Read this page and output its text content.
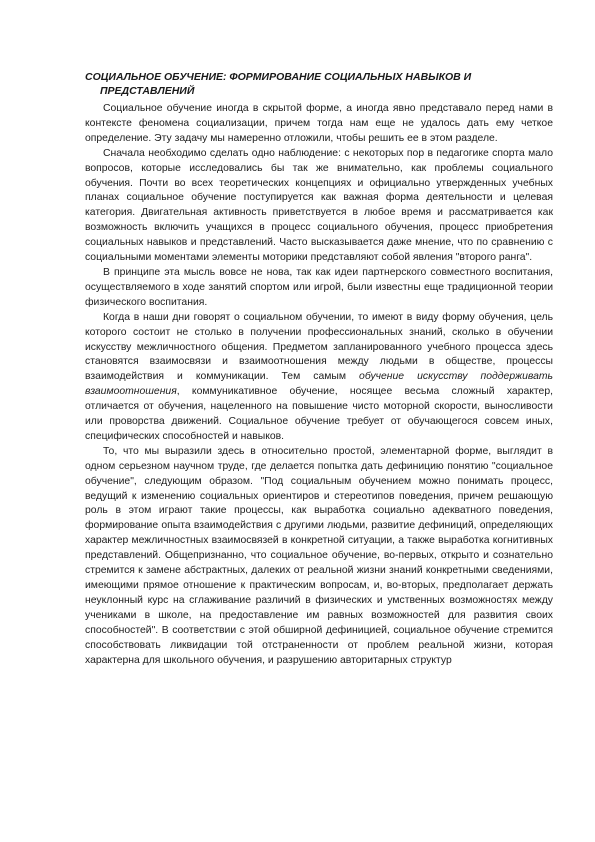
СОЦИАЛЬНОЕ ОБУЧЕНИЕ: ФОРМИРОВАНИЕ СОЦИАЛЬНЫХ НАВЫКОВ И
ПРЕДСТАВЛЕНИЙ

Социальное обучение иногда в скрытой форме, а иногда явно представало перед нами в контексте феномена социализации, причем тогда нам еще не удалось дать ему четкое определение. Эту задачу мы намеренно отложили, чтобы решить ее в этом разделе.

Сначала необходимо сделать одно наблюдение: с некоторых пор в педагогике спорта мало вопросов, которые исследовались бы так же внимательно, как проблемы социального обучения. Почти во всех теоретических концепциях и официально утвержденных учебных планах социальное обучение поступируется как важная форма деятельности и целевая категория. Двигательная активность приветствуется в любое время и рассматривается как возможность включить учащихся в процесс социального обучения, процесс приобретения социальных навыков и представлений. Часто высказывается даже мнение, что по сравнению с социальными моментами элементы моторики представляют собой явления "второго ранга".

В принципе эта мысль вовсе не нова, так как идеи партнерского совместного воспитания, осуществляемого в ходе занятий спортом или игрой, были известны еще традиционной теории физического воспитания.

Когда в наши дни говорят о социальном обучении, то имеют в виду форму обучения, цель которого состоит не столько в получении профессиональных знаний, сколько в обучении искусству межличностного общения. Предметом запланированного учебного процесса здесь становятся взаимосвязи и взаимоотношения между людьми в обществе, процессы взаимодействия и коммуникации. Тем самым обучение искусству поддерживать взаимоотношения, коммуникативное обучение, носящее весьма сложный характер, отличается от обучения, нацеленного на повышение чисто моторной скорости, выносливости или проворства движений. Социальное обучение требует от обучающегося совсем иных, специфических способностей и навыков.

То, что мы выразили здесь в относительно простой, элементарной форме, выглядит в одном серьезном научном труде, где делается попытка дать дефиницию понятию "социальное обучение", следующим образом. "Под социальным обучением можно понимать процесс, ведущий к изменению социальных ориентиров и стереотипов поведения, причем решающую роль в этом играют такие процессы, как выработка социально адекватного поведения, формирование опыта взаимодействия с другими людьми, развитие дефиниций, определяющих характер межличностных взаимосвязей в конкретной ситуации, а также выработка когнитивных представлений. Общепризнанно, что социальное обучение, во-первых, открыто и сознательно стремится к замене абстрактных, далеких от реальной жизни знаний конкретными сведениями, имеющими прямое отношение к практическим вопросам, и, во-вторых, предполагает держать неуклонный курс на сглаживание различий в физических и умственных возможностях между учениками в школе, на предоставление им равных возможностей для развития своих способностей". В соответствии с этой обширной дефиницией, социальное обучение стремится способствовать ликвидации той отстраненности от проблем реальной жизни, которая характерна для школьного обучения, и разрушению авторитарных структур
